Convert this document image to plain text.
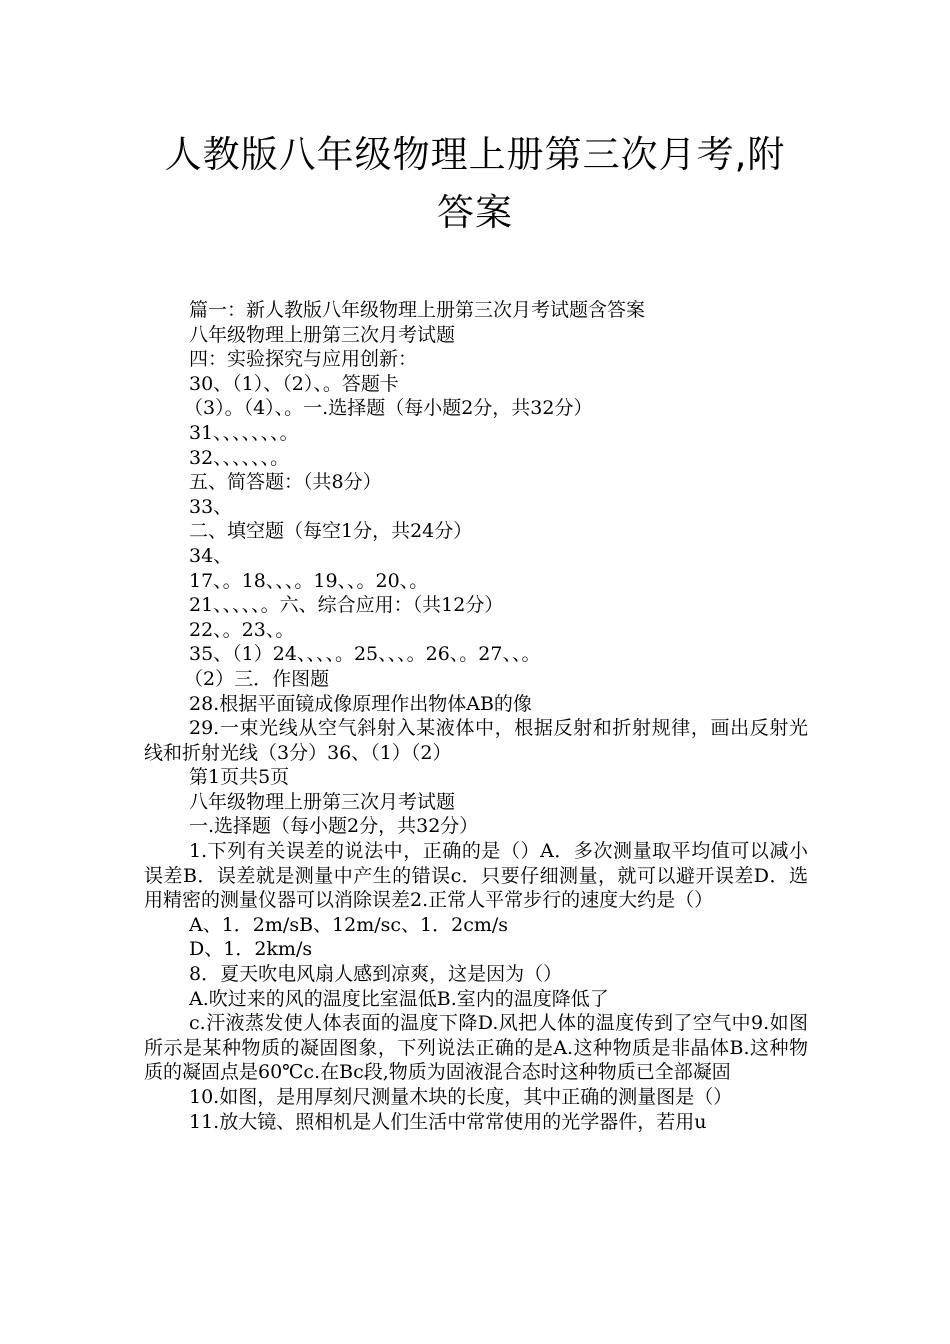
人教版八年级物理上册第三次月考,附
答案
篇一：新人教版八年级物理上册第三次月考试题含答案
八年级物理上册第三次月考试题
四：实验探究与应用创新：
30、（1）、（2）、。答题卡
（3）。（4）、。一.选择题（每小题2分，共32分）
31、、、、、、、。
32、、、、、、。
五、简答题：（共8分）
33、
二、填空题（每空1分，共24分）
34、
17、。18、、、。19、、。20、。
21、、、、、。六、综合应用：（共12分）
22、。23、。
35、（1）24、、、、。25、、、。26、。27、、。
（2）三．作图题
28.根据平面镜成像原理作出物体AB的像
29.一束光线从空气斜射入某液体中，根据反射和折射规律，画出反射光线和折射光线（3分）36、（1）（2）
第1页共5页
八年级物理上册第三次月考试题
一.选择题（每小题2分，共32分）
1.下列有关误差的说法中，正确的是（）A．多次测量取平均值可以减小误差B．误差就是测量中产生的错误c．只要仔细测量，就可以避开误差D．选用精密的测量仪器可以消除误差2.正常人平常步行的速度大约是（）
A、1．2m/sB、12m/sc、1．2cm/s
D、1．2km/s
8．夏天吹电风扇人感到凉爽，这是因为（）
A.吹过来的风的温度比室温低B.室内的温度降低了
c.汗液蒸发使人体表面的温度下降D.风把人体的温度传到了空气中9.如图所示是某种物质的凝固图象，下列说法正确的是A.这种物质是非晶体B.这种物质的凝固点是60℃c.在Bc段,物质为固液混合态时这种物质已全部凝固
10.如图，是用厚刻尺测量木块的长度，其中正确的测量图是（）
11.放大镜、照相机是人们生活中常常使用的光学器件，若用u
